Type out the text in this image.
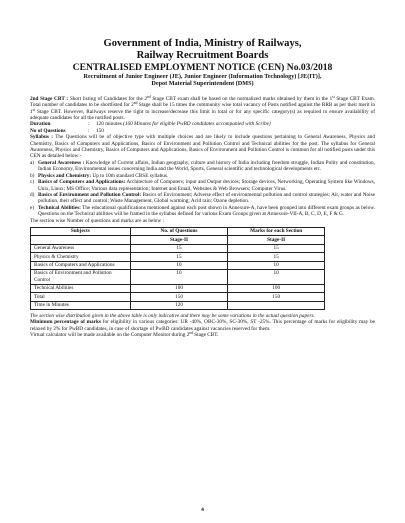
Government of India, Ministry of Railways,

Railway Recruitment Boards

CENTRALISED EMPLOYMENT NOTICE (CEN) No.03/2018

Recruitment of Junior Engineer (JE), Junior Engineer (Information Technology) [JE(IT)],

Depot Material Superintendent (DMS)

2nd Stage CBT : Short listing of Candidates for the 2nd Stage CBT exam shall be based on the normalized marks obtained by them in the 1st Stage CBT Exam. Total number of candidates to be shortlisted for 2nd Stage shall be 15 times the community wise total vacancy of Posts notified against the RRB as per their merit in 1st Stage CBT. However, Railways reserve the right to increase/decrease this limit in total or for any specific category(s) as required to ensure availability of adequate candidates for all the notified posts.

Duration	:	120 minutes (160 Minutes for eligible PwBD candidates accompanied with Scribe)
No of Questions	:	150

Syllabus : The Questions will be of objective type with multiple choices and are likely to include questions pertaining to General Awareness, Physics and Chemistry, Basics of Computers and Applications, Basics of Environment and Pollution Control and Technical abilities for the post. The syllabus for General Awareness, Physics and Chemistry, Basics of Computers and Applications, Basics of Environment and Pollution Control is common for all notified posts under this CEN as detailed below:-

a) General Awareness : Knowledge of Current affairs, Indian geography, culture and history of India including freedom struggle, Indian Polity and constitution, Indian Economy, Environmental issues concerning India and the World, Sports, General scientific and technological developments etc.
b) Physics and Chemistry: Up to 10th standard CBSE syllabus.
c) Basics of Computers and Applications: Architecture of Computers; input and Output devices; Storage devices, Networking, Operating System like Windows, Unix, Linux; MS Office; Various data representation; Internet and Email, Websites & Web Browsers; Computer Virus.
d) Basics of Environment and Pollution Control: Basics of Environment; Adverse effect of environmental pollution and control strategies; Air, water and Noise pollution, their effect and control; Waste Management, Global warming; Acid rain; Ozone depletion.
e) Technical Abilities: The educational qualifications mentioned against each post shown in Annexure-A, have been grouped into different exam groups as below. Questions on the Technical abilities will be framed in the syllabus defined for various Exam Groups given at Annexure-VII-A, B, C, D, E, F & G.

The section wise Number of questions and marks are as below :

Subjects	No. of Questions	Marks for each Section
	Stage-II	Stage-II
General Awareness	15	15
Physics & Chemistry	15	15
Basics of Computers and Applications	10	10
Basics of Environment and Pollution Control	10	10
Technical Abilities	100	100
Total	150	150
Time in Minutes	120	

The section wise distribution given in the above table is only indicative and there may be some variations in the actual question papers.

Minimum percentage of marks for eligibility in various categories: UR -40%, OBC-30%, SC-30%, ST -25%. This percentage of marks for eligibility may be relaxed by 2% for PwBD candidates, in case of shortage of PwBD candidates against vacancies reserved for them.

Virtual calculator will be made available on the Computer Monitor during 2nd Stage CBT.

4
